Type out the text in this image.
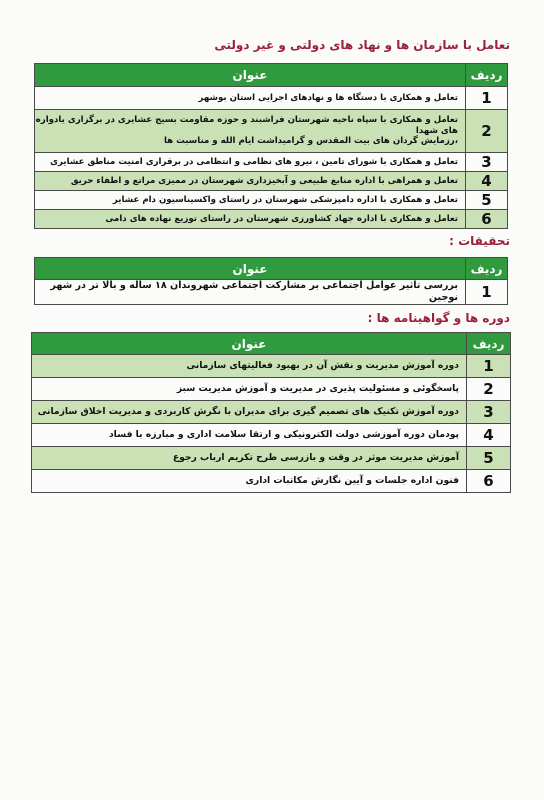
تعامل با سازمان ها و نهاد های دولتی و غیر دولتی
ردیف	عنوان
1	تعامل و همکاری با دستگاه ها و نهادهای اجرایی استان بوشهر
2	تعامل و همکاری با سپاه ناحیه شهرستان فراشبند و حوزه مقاومت بسیج عشایری در برگزاری یادواره های شهدا
،رزمایش گردان های بیت المقدس و گرامیداشت ایام الله و مناسبت ها

3	تعامل و همکاری با شورای تامین ، نیرو های نظامی و انتظامی در برقراری امنیت مناطق عشایری
4	تعامل و همراهی با اداره منابع طبیعی و آبخیزداری شهرستان در ممیزی مراتع و اطفاء حریق
5	تعامل و همکاری با اداره دامپزشکی شهرستان در راستای واکسیناسیون دام عشایر
6	تعامل و همکاری با اداره جهاد کشاورزی شهرستان در راستای توزیع نهاده های دامی
تحقیقات :
ردیف	عنوان
1	بررسی تاثیر عوامل اجتماعی بر مشارکت اجتماعی شهروندان ۱۸ ساله و بالا تر در شهر نوجین
دوره ها و گواهینامه ها :
ردیف	عنوان
1	دوره آموزش مدیریت و نقش آن در بهبود فعالیتهای سازمانی
2	پاسخگوئی و مسئولیت پذیری در مدیریت و آموزش مدیریت سبز
3	دوره آموزش تکنیک های تصمیم گیری برای مدیران با نگرش کاربردی و مدیریت اخلاق سازمانی
4	پودمان دوره آموزشی دولت الکترونیکی و ارتقا سلامت اداری و مبارزه با فساد
5	آموزش مدیریت موثر در وقت و بازرسی طرح تکریم ارباب رجوع
6	فنون اداره جلسات و آیین نگارش مکاتبات اداری
